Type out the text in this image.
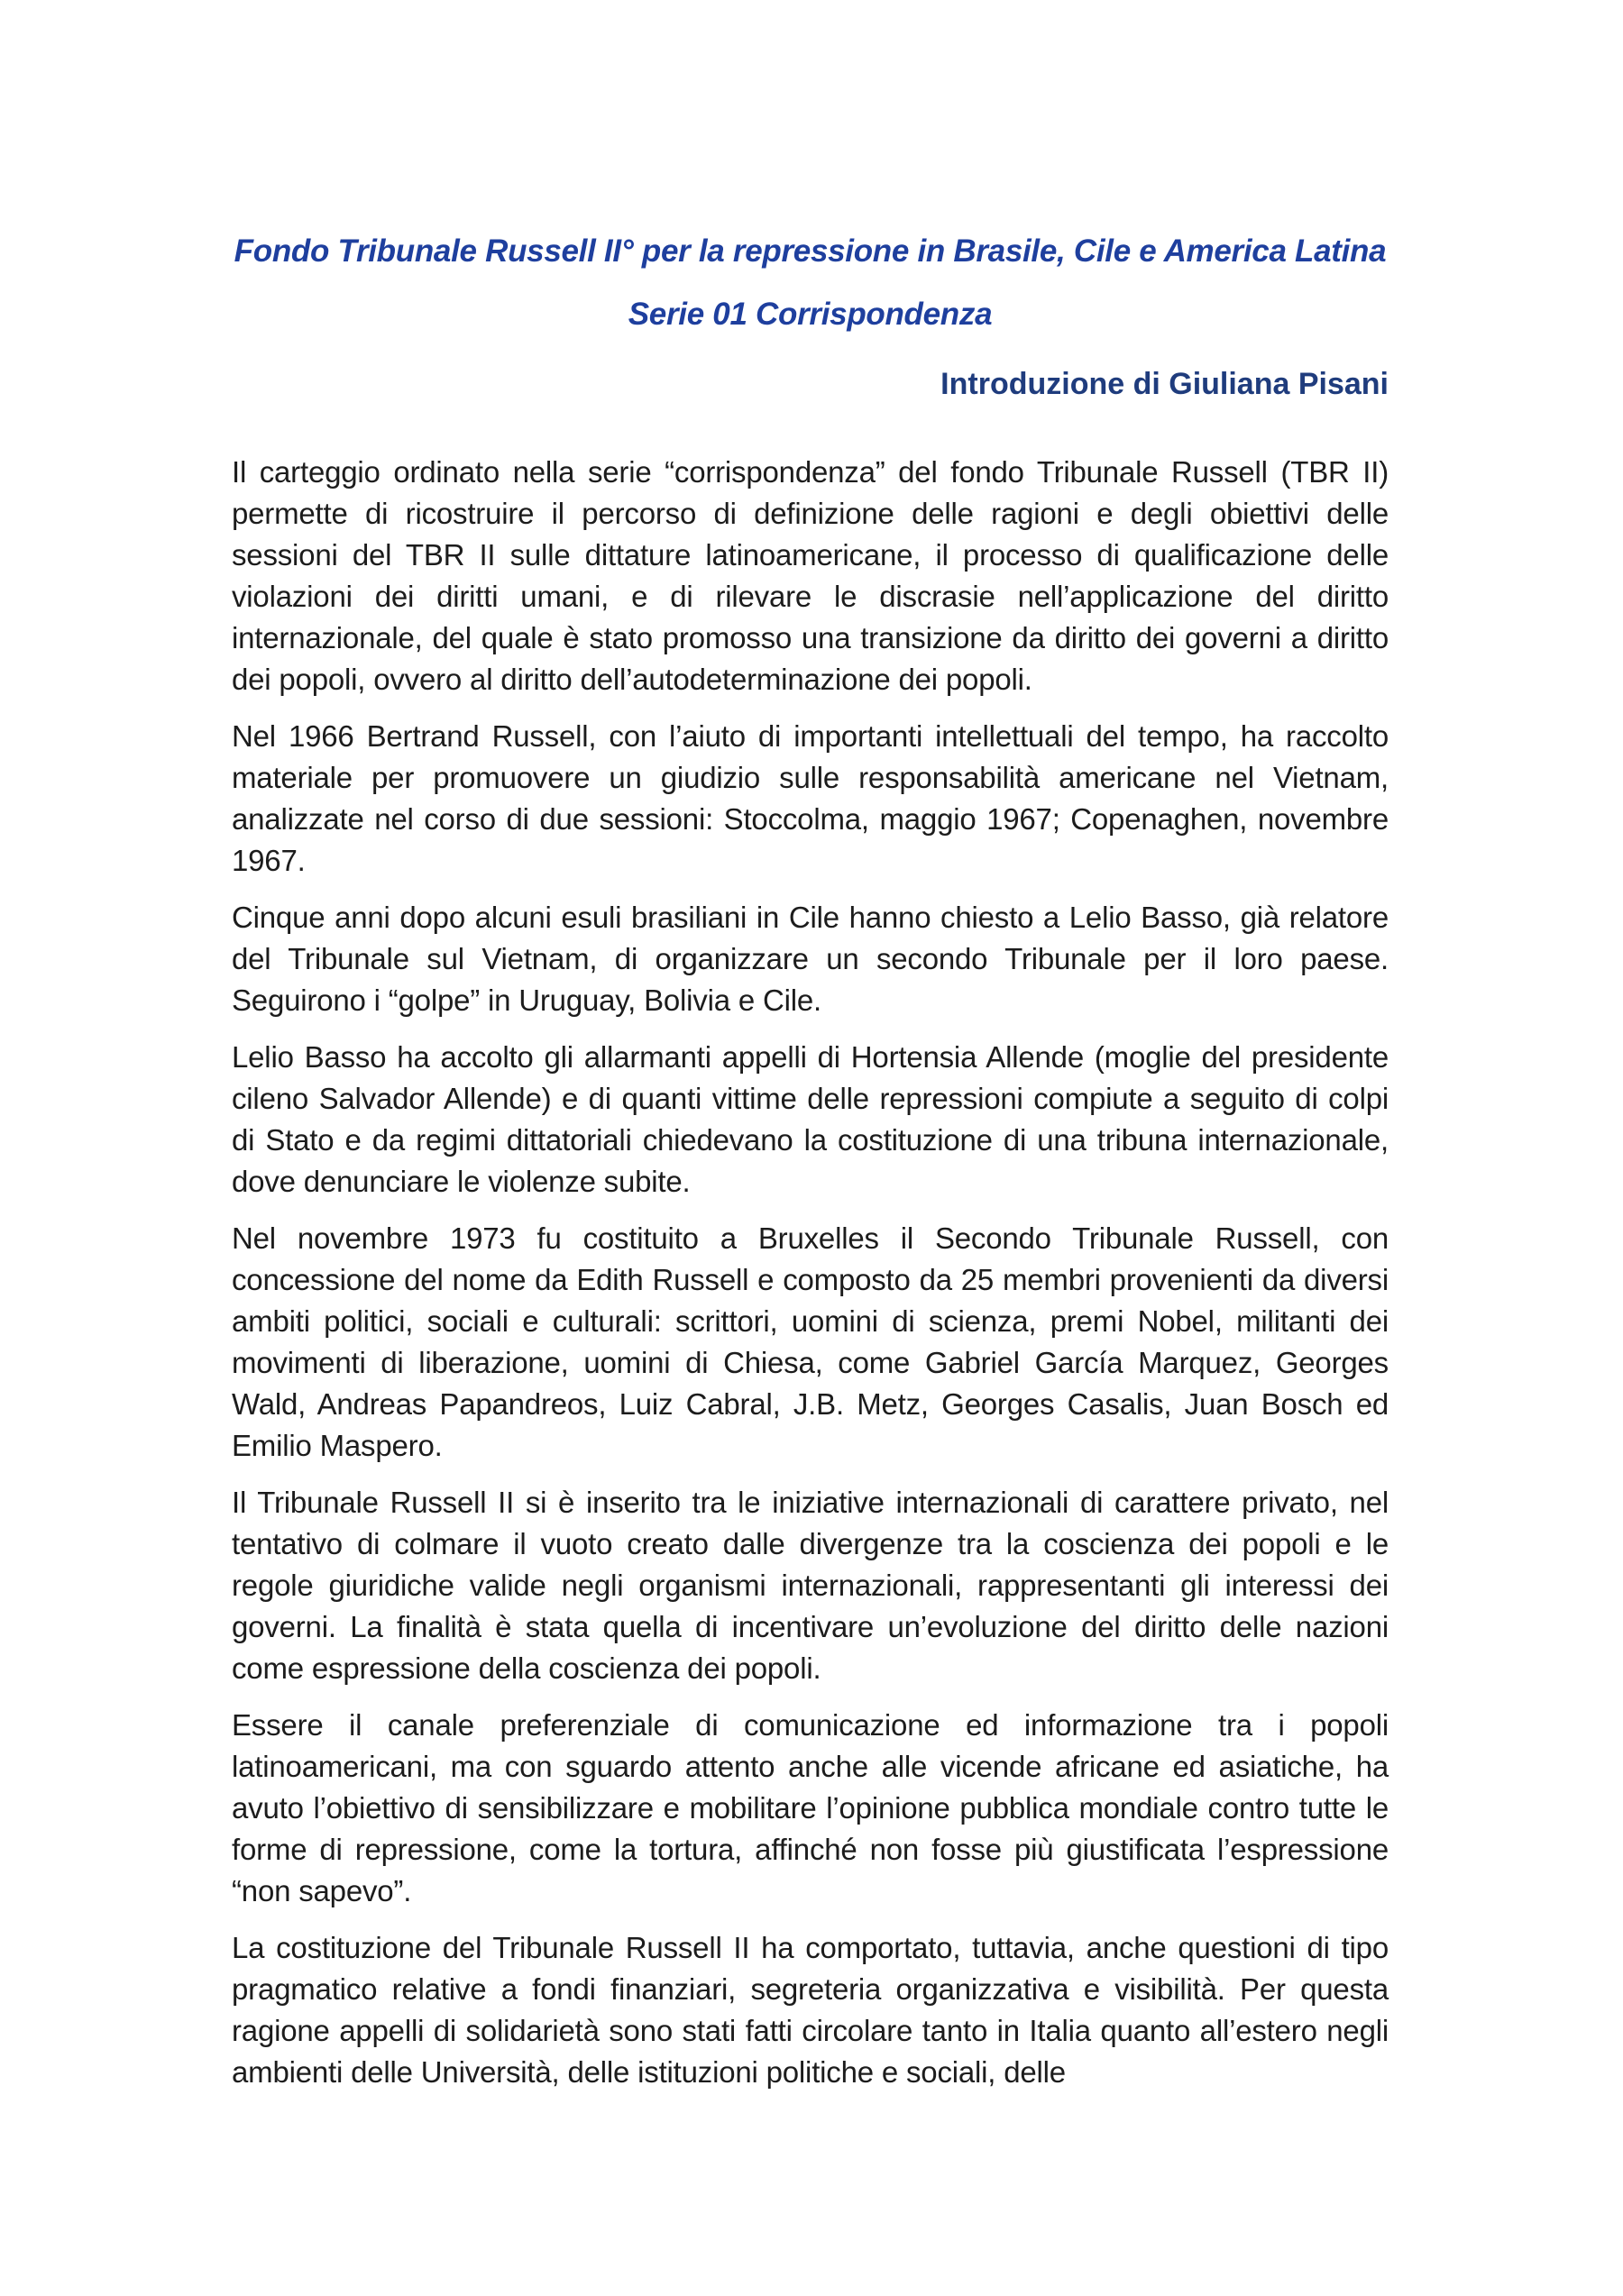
Fondo Tribunale Russell II° per la repressione in Brasile, Cile e America Latina
Serie 01 Corrispondenza
Introduzione di Giuliana Pisani

Il carteggio ordinato nella serie “corrispondenza” del fondo Tribunale Russell (TBR II) permette di ricostruire il percorso di definizione delle ragioni e degli obiettivi delle sessioni del TBR II sulle dittature latinoamericane, il processo di qualificazione delle violazioni dei diritti umani, e di rilevare le discrasie nell’applicazione del diritto internazionale, del quale è stato promosso una transizione da diritto dei governi a diritto dei popoli, ovvero al diritto dell’autodeterminazione dei popoli.

Nel 1966 Bertrand Russell, con l’aiuto di importanti intellettuali del tempo, ha raccolto materiale per promuovere un giudizio sulle responsabilità americane nel Vietnam, analizzate nel corso di due sessioni: Stoccolma, maggio 1967; Copenaghen, novembre 1967.

Cinque anni dopo alcuni esuli brasiliani in Cile hanno chiesto a Lelio Basso, già relatore del Tribunale sul Vietnam, di organizzare un secondo Tribunale per il loro paese. Seguirono i “golpe” in Uruguay, Bolivia e Cile.

Lelio Basso ha accolto gli allarmanti appelli di Hortensia Allende (moglie del presidente cileno Salvador Allende) e di quanti vittime delle repressioni compiute a seguito di colpi di Stato e da regimi dittatoriali chiedevano la costituzione di una tribuna internazionale, dove denunciare le violenze subite.

Nel novembre 1973 fu costituito a Bruxelles il Secondo Tribunale Russell, con concessione del nome da Edith Russell e composto da 25 membri provenienti da diversi ambiti politici, sociali e culturali: scrittori, uomini di scienza, premi Nobel, militanti dei movimenti di liberazione, uomini di Chiesa, come Gabriel García Marquez, Georges Wald, Andreas Papandreos, Luiz Cabral, J.B. Metz, Georges Casalis, Juan Bosch ed Emilio Maspero.

Il Tribunale Russell II si è inserito tra le iniziative internazionali di carattere privato, nel tentativo di colmare il vuoto creato dalle divergenze tra la coscienza dei popoli e le regole giuridiche valide negli organismi internazionali, rappresentanti gli interessi dei governi. La finalità è stata quella di incentivare un’evoluzione del diritto delle nazioni come espressione della coscienza dei popoli.

Essere il canale preferenziale di comunicazione ed informazione tra i popoli latinoamericani, ma con sguardo attento anche alle vicende africane ed asiatiche, ha avuto l’obiettivo di sensibilizzare e mobilitare l’opinione pubblica mondiale contro tutte le forme di repressione, come la tortura, affinché non fosse più giustificata l’espressione “non sapevo”.

La costituzione del Tribunale Russell II ha comportato, tuttavia, anche questioni di tipo pragmatico relative a fondi finanziari, segreteria organizzativa e visibilità. Per questa ragione appelli di solidarietà sono stati fatti circolare tanto in Italia quanto all’estero negli ambienti delle Università, delle istituzioni politiche e sociali, delle
